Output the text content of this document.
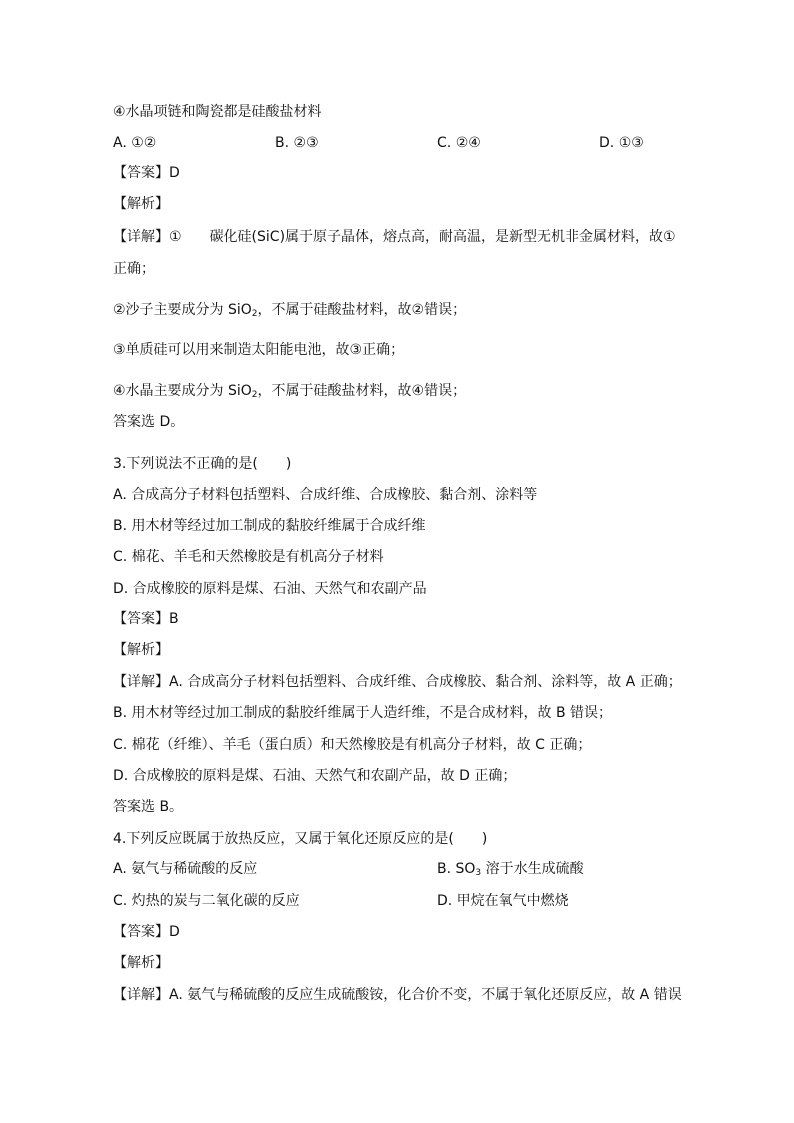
④水晶项链和陶瓷都是硅酸盐材料
A. ①②	B. ②③	C. ②④	D. ①③
【答案】D
【解析】
【详解】① 碳化硅(SiC)属于原子晶体，熔点高，耐高温，是新型无机非金属材料，故①
正确；
②沙子主要成分为 SiO$_2$，不属于硅酸盐材料，故②错误；
③单质硅可以用来制造太阳能电池，故③正确；
④水晶主要成分为 SiO$_2$，不属于硅酸盐材料，故④错误；
答案选 D。
3.下列说法不正确的是(　　)
A. 合成高分子材料包括塑料、合成纤维、合成橡胶、黏合剂、涂料等
B. 用木材等经过加工制成的黏胶纤维属于合成纤维
C. 棉花、羊毛和天然橡胶是有机高分子材料
D. 合成橡胶的原料是煤、石油、天然气和农副产品
【答案】B
【解析】
【详解】A. 合成高分子材料包括塑料、合成纤维、合成橡胶、黏合剂、涂料等，故 A 正确；
B. 用木材等经过加工制成的黏胶纤维属于人造纤维，不是合成材料，故 B 错误；
C. 棉花（纤维）、羊毛（蛋白质）和天然橡胶是有机高分子材料，故 C 正确；
D. 合成橡胶的原料是煤、石油、天然气和农副产品，故 D 正确；
答案选 B。
4.下列反应既属于放热反应，又属于氧化还原反应的是(　　)
A. 氨气与稀硫酸的反应	B. $SO_3$ 溶于水生成硫酸
C. 灼热的炭与二氧化碳的反应	D. 甲烷在氧气中燃烧
【答案】D
【解析】
【详解】A. 氨气与稀硫酸的反应生成硫酸铵，化合价不变，不属于氧化还原反应，故 A 错误
